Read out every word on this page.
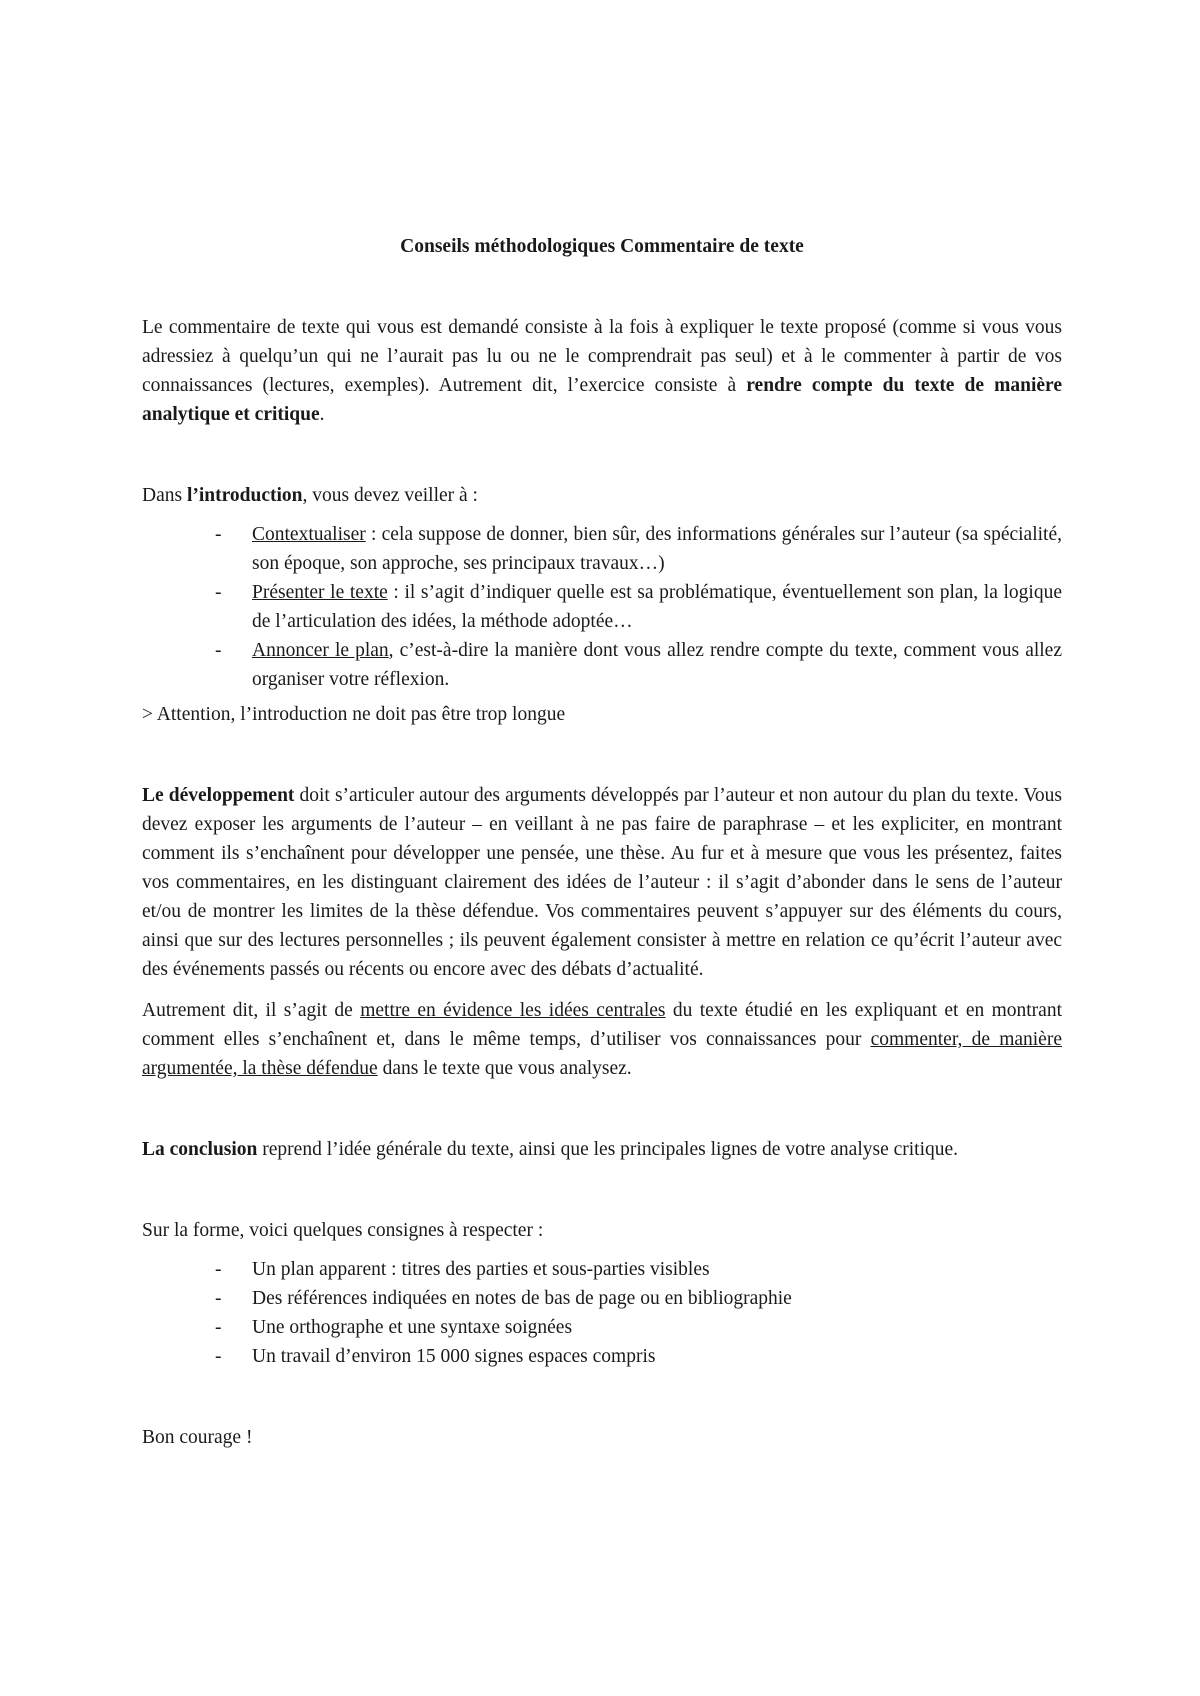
Conseils méthodologiques Commentaire de texte

Le commentaire de texte qui vous est demandé consiste à la fois à expliquer le texte proposé (comme si vous vous adressiez à quelqu’un qui ne l’aurait pas lu ou ne le comprendrait pas seul) et à le commenter à partir de vos connaissances (lectures, exemples). Autrement dit, l’exercice consiste à rendre compte du texte de manière analytique et critique.

Dans l’introduction, vous devez veiller à :

- Contextualiser : cela suppose de donner, bien sûr, des informations générales sur l’auteur (sa spécialité, son époque, son approche, ses principaux travaux…)
- Présenter le texte : il s’agit d’indiquer quelle est sa problématique, éventuellement son plan, la logique de l’articulation des idées, la méthode adoptée…
- Annoncer le plan, c’est-à-dire la manière dont vous allez rendre compte du texte, comment vous allez organiser votre réflexion.

> Attention, l’introduction ne doit pas être trop longue

Le développement doit s’articuler autour des arguments développés par l’auteur et non autour du plan du texte. Vous devez exposer les arguments de l’auteur – en veillant à ne pas faire de paraphrase – et les expliciter, en montrant comment ils s’enchaînent pour développer une pensée, une thèse. Au fur et à mesure que vous les présentez, faites vos commentaires, en les distinguant clairement des idées de l’auteur : il s’agit d’abonder dans le sens de l’auteur et/ou de montrer les limites de la thèse défendue. Vos commentaires peuvent s’appuyer sur des éléments du cours, ainsi que sur des lectures personnelles ; ils peuvent également consister à mettre en relation ce qu’écrit l’auteur avec des événements passés ou récents ou encore avec des débats d’actualité.

Autrement dit, il s’agit de mettre en évidence les idées centrales du texte étudié en les expliquant et en montrant comment elles s’enchaînent et, dans le même temps, d’utiliser vos connaissances pour commenter, de manière argumentée, la thèse défendue dans le texte que vous analysez.

La conclusion reprend l’idée générale du texte, ainsi que les principales lignes de votre analyse critique.

Sur la forme, voici quelques consignes à respecter :

- Un plan apparent : titres des parties et sous-parties visibles
- Des références indiquées en notes de bas de page ou en bibliographie
- Une orthographe et une syntaxe soignées
- Un travail d’environ 15 000 signes espaces compris

Bon courage !
